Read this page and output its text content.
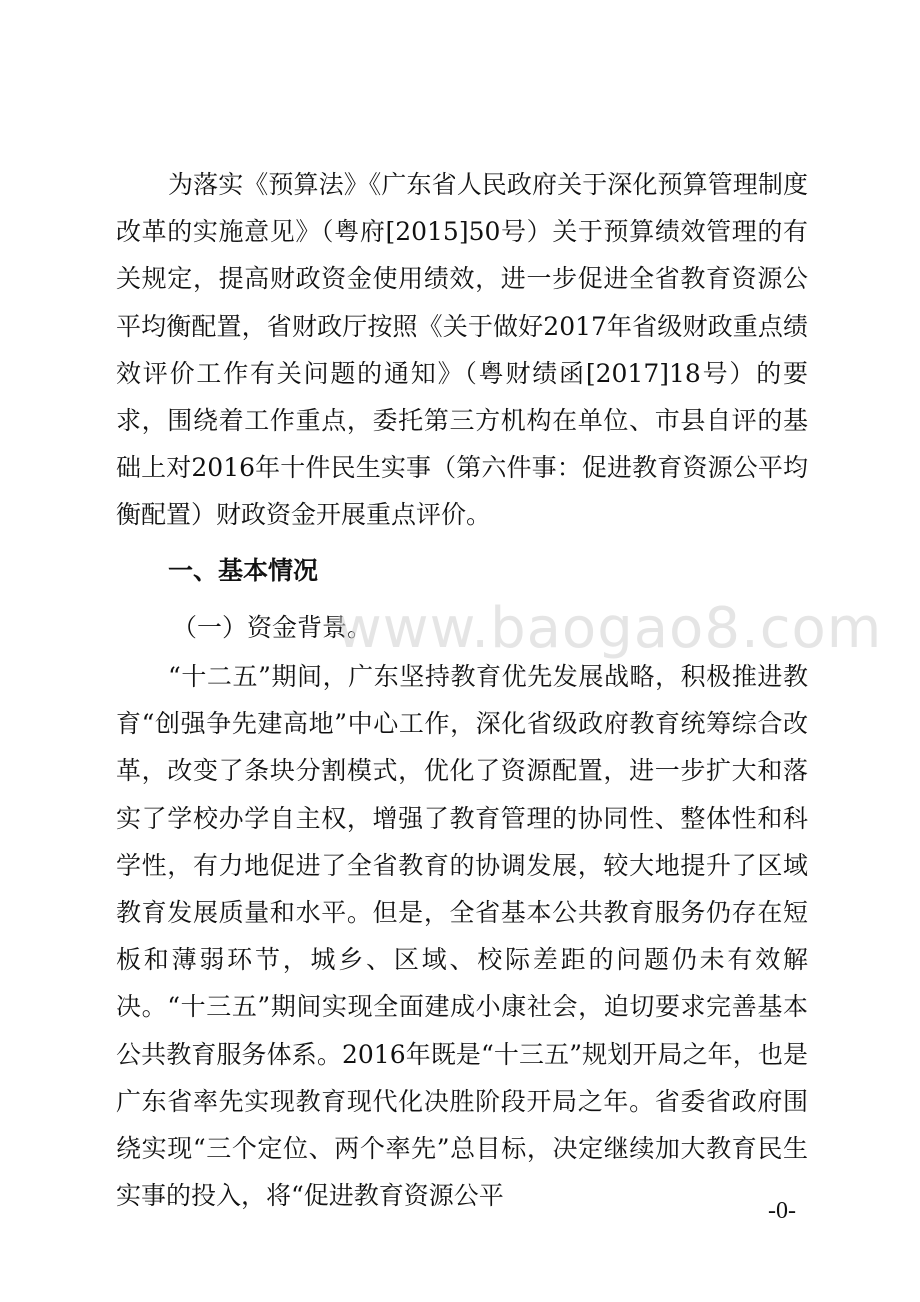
为落实《预算法》《广东省人民政府关于深化预算管理制度改革的实施意见》（粤府[2015]50号）关于预算绩效管理的有关规定，提高财政资金使用绩效，进一步促进全省教育资源公平均衡配置，省财政厅按照《关于做好2017年省级财政重点绩效评价工作有关问题的通知》（粤财绩函[2017]18号）的要求，围绕着工作重点，委托第三方机构在单位、市县自评的基础上对2016年十件民生实事（第六件事：促进教育资源公平均衡配置）财政资金开展重点评价。

一、基本情况

（一）资金背景。

“十二五”期间，广东坚持教育优先发展战略，积极推进教育“创强争先建高地”中心工作，深化省级政府教育统筹综合改革，改变了条块分割模式，优化了资源配置，进一步扩大和落实了学校办学自主权，增强了教育管理的协同性、整体性和科学性，有力地促进了全省教育的协调发展，较大地提升了区域教育发展质量和水平。但是，全省基本公共教育服务仍存在短板和薄弱环节，城乡、区域、校际差距的问题仍未有效解决。“十三五”期间实现全面建成小康社会，迫切要求完善基本公共教育服务体系。2016年既是“十三五”规划开局之年，也是广东省率先实现教育现代化决胜阶段开局之年。省委省政府围绕实现“三个定位、两个率先”总目标，决定继续加大教育民生实事的投入，将“促进教育资源公平

www.baogao8.com
-0-
